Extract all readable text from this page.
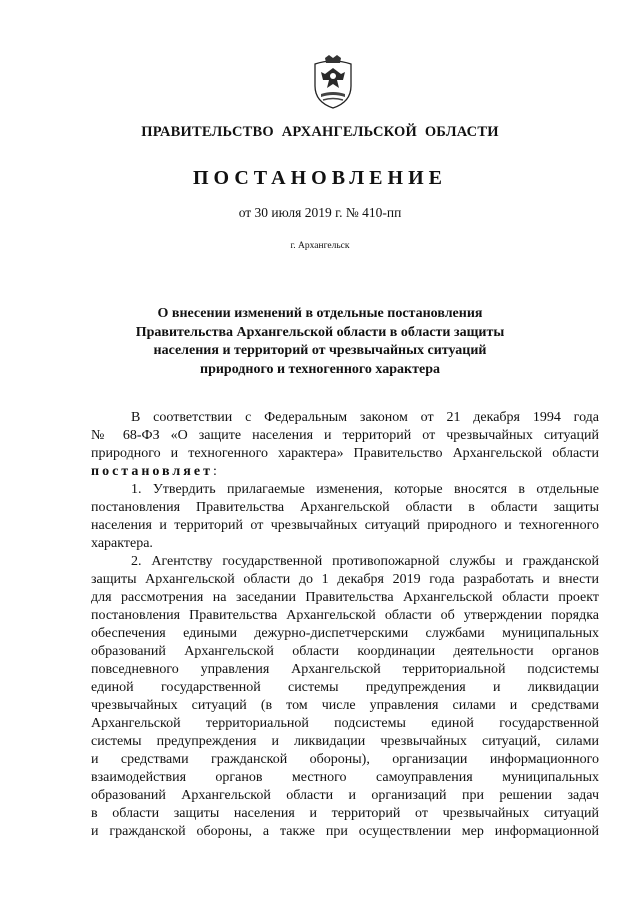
ПРАВИТЕЛЬСТВО АРХАНГЕЛЬСКОЙ ОБЛАСТИ
ПОСТАНОВЛЕНИЕ
от 30 июля 2019 г. № 410-пп
г. Архангельск
О внесении изменений в отдельные постановления
Правительства Архангельской области в области защиты
населения и территорий от чрезвычайных ситуаций
природного и техногенного характера
В соответствии с Федеральным законом от 21 декабря 1994 года
№ 68-ФЗ «О защите населения и территорий от чрезвычайных ситуаций
природного и техногенного характера» Правительство Архангельской области
постановляет:
1. Утвердить прилагаемые изменения, которые вносятся в отдельные
постановления Правительства Архангельской области в области защиты
населения и территорий от чрезвычайных ситуаций природного и техногенного
характера.
2. Агентству государственной противопожарной службы и гражданской
защиты Архангельской области до 1 декабря 2019 года разработать и внести
для рассмотрения на заседании Правительства Архангельской области проект
постановления Правительства Архангельской области об утверждении порядка
обеспечения едиными дежурно-диспетчерскими службами муниципальных
образований Архангельской области координации деятельности органов
повседневного управления Архангельской территориальной подсистемы
единой государственной системы предупреждения и ликвидации
чрезвычайных ситуаций (в том числе управления силами и средствами
Архангельской территориальной подсистемы единой государственной
системы предупреждения и ликвидации чрезвычайных ситуаций, силами
и средствами гражданской обороны), организации информационного
взаимодействия органов местного самоуправления муниципальных
образований Архангельской области и организаций при решении задач
в области защиты населения и территорий от чрезвычайных ситуаций
и гражданской обороны, а также при осуществлении мер информационной
